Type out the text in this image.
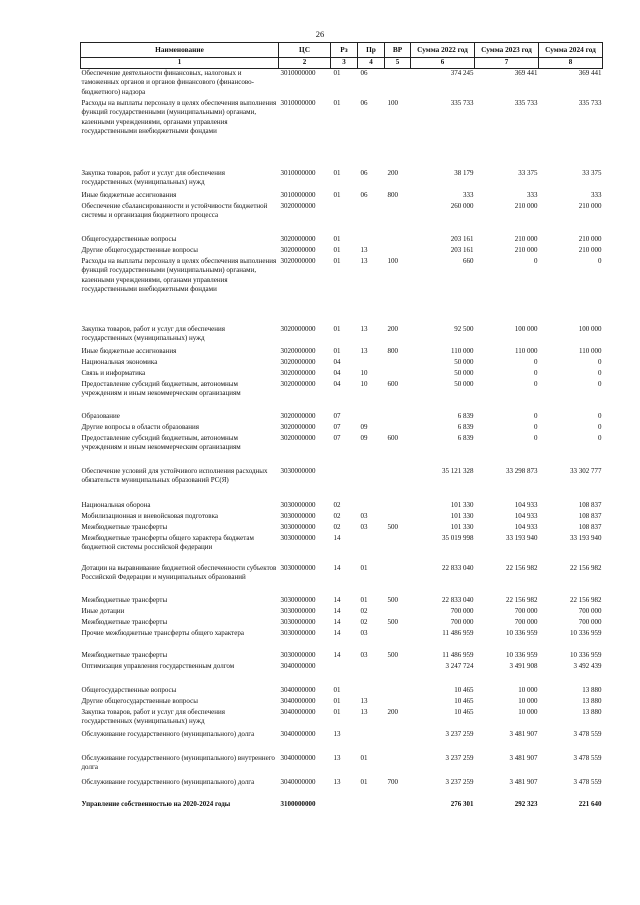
26
Наименование	ЦС	Рз	Пр	ВР	Сумма 2022 год	Сумма 2023 год	Сумма 2024 год
1	2	3	4	5	6	7	8
Обеспечение деятельности финансовых, налоговых и таможенных органов и органов финансового (финансово-бюджетного) надзора	3010000000	01	06		374 245	369 441	369 441
Расходы на выплаты персоналу в целях обеспечения выполнения функций государственными (муниципальными) органами, казенными учреждениями, органами управления государственными внебюджетными фондами	3010000000	01	06	100	335 733	335 733	335 733
Закупка товаров, работ и услуг для обеспечения государственных (муниципальных) нужд	3010000000	01	06	200	38 179	33 375	33 375
Иные бюджетные ассигнования	3010000000	01	06	800	333	333	333
Обеспечение сбалансированности и устойчивости бюджетной системы и организация бюджетного процесса	3020000000				260 000	210 000	210 000
Общегосударственные вопросы	3020000000	01			203 161	210 000	210 000
Другие общегосударственные вопросы	3020000000	01	13		203 161	210 000	210 000
Расходы на выплаты персоналу в целях обеспечения выполнения функций государственными (муниципальными) органами, казенными учреждениями, органами управления государственными внебюджетными фондами	3020000000	01	13	100	660	0	0
Закупка товаров, работ и услуг для обеспечения государственных (муниципальных) нужд	3020000000	01	13	200	92 500	100 000	100 000
Иные бюджетные ассигнования	3020000000	01	13	800	110 000	110 000	110 000
Национальная экономика	3020000000	04			50 000	0	0
Связь и информатика	3020000000	04	10		50 000	0	0
Предоставление субсидий бюджетным, автономным учреждениям и иным некоммерческим организациям	3020000000	04	10	600	50 000	0	0
Образование	3020000000	07			6 839	0	0
Другие вопросы в области образования	3020000000	07	09		6 839	0	0
Предоставление субсидий бюджетным, автономным учреждениям и иным некоммерческим организациям	3020000000	07	09	600	6 839	0	0
Обеспечение условий для устойчивого исполнения расходных обязательств муниципальных образований РС(Я)	3030000000				35 121 328	33 298 873	33 302 777
Национальная оборона	3030000000	02			101 330	104 933	108 837
Мобилизационная и вневойсковая подготовка	3030000000	02	03		101 330	104 933	108 837
Межбюджетные трансферты	3030000000	02	03	500	101 330	104 933	108 837
Межбюджетные трансферты общего характера бюджетам бюджетной системы российской федерации	3030000000	14			35 019 998	33 193 940	33 193 940
Дотации на выравнивание бюджетной обеспеченности субъектов Российской Федерации и муниципальных образований	3030000000	14	01		22 833 040	22 156 982	22 156 982
Межбюджетные трансферты	3030000000	14	01	500	22 833 040	22 156 982	22 156 982
Иные дотации	3030000000	14	02		700 000	700 000	700 000
Межбюджетные трансферты	3030000000	14	02	500	700 000	700 000	700 000
Прочие межбюджетные трансферты общего характера	3030000000	14	03		11 486 959	10 336 959	10 336 959
Межбюджетные трансферты	3030000000	14	03	500	11 486 959	10 336 959	10 336 959
Оптимизация управления государственным долгом	3040000000				3 247 724	3 491 908	3 492 439
Общегосударственные вопросы	3040000000	01			10 465	10 000	13 880
Другие общегосударственные вопросы	3040000000	01	13		10 465	10 000	13 880
Закупка товаров, работ и услуг для обеспечения государственных (муниципальных) нужд	3040000000	01	13	200	10 465	10 000	13 880
Обслуживание государственного (муниципального) долга	3040000000	13			3 237 259	3 481 907	3 478 559
Обслуживание государственного (муниципального) внутреннего долга	3040000000	13	01		3 237 259	3 481 907	3 478 559
Обслуживание государственного (муниципального) долга	3040000000	13	01	700	3 237 259	3 481 907	3 478 559
Управление собственностью на 2020-2024 годы	3100000000				276 301	292 323	221 640
